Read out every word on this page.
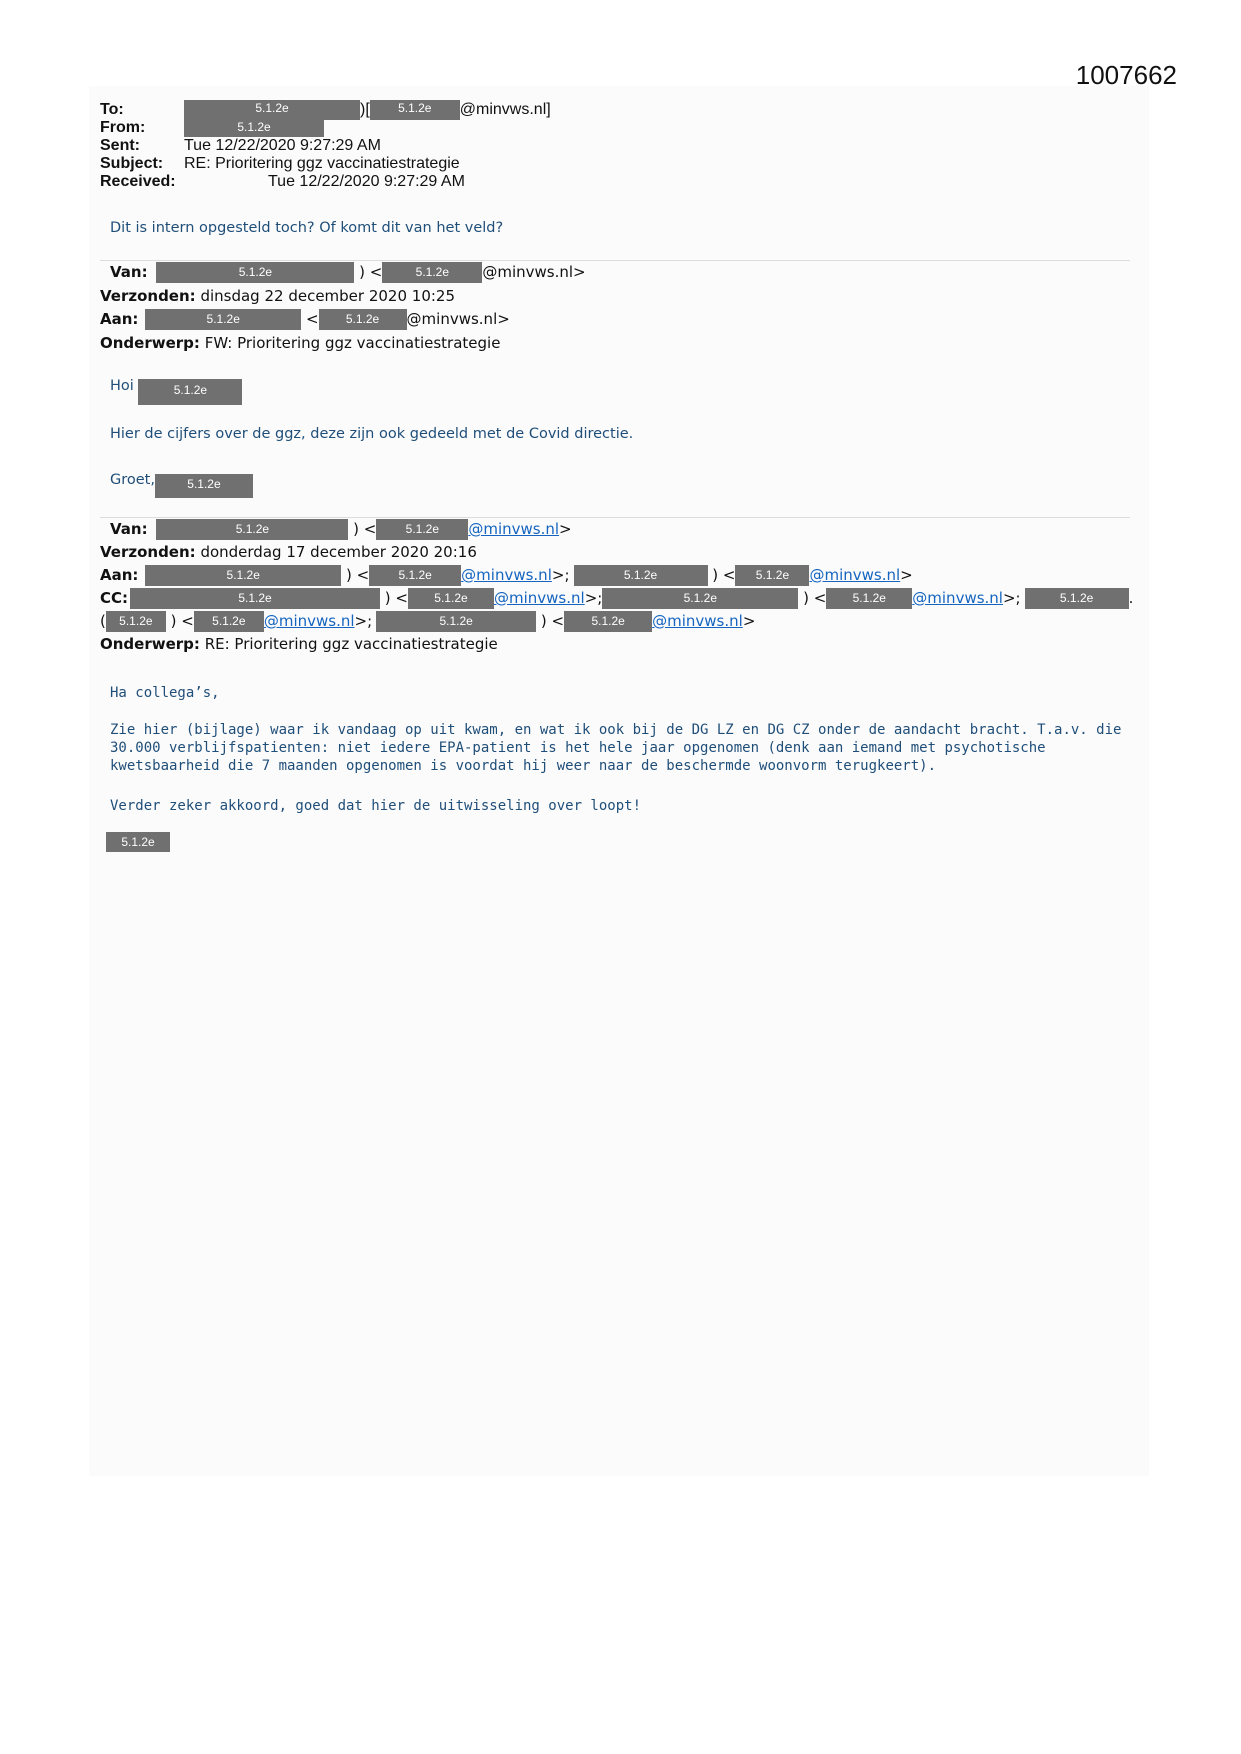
1007662
To:	5.1.2e	)[ 5.1.2e @minvws.nl]
From:	5.1.2e
Sent:	Tue 12/22/2020 9:27:29 AM
Subject: RE: Prioritering ggz vaccinatiestrategie
Received:	Tue 12/22/2020 9:27:29 AM
Dit is intern opgesteld toch? Of komt dit van het veld?
Van:	5.1.2e	) <	5.1.2e @minvws.nl>
Verzonden: dinsdag 22 december 2020 10:25
Aan:	5.1.2e	< 5.1.2e @minvws.nl>
Onderwerp: FW: Prioritering ggz vaccinatiestrategie
Hoi	5.1.2e
Hier de cijfers over de ggz, deze zijn ook gedeeld met de Covid directie.
Groet,	5.1.2e
Van:	5.1.2e	) < 5.1.2e @minvws.nl>
Verzonden: donderdag 17 december 2020 20:16
Aan:	5.1.2e	) < 5.1.2e @minvws.nl>;	5.1.2e	) < 5.1.2e @minvws.nl>
CC:	5.1.2e	) < 5.1.2e @minvws.nl>;	5.1.2e	) < 5.1.2e @minvws.nl>;	5.1.2e .
( 5.1.2e ) < 5.1.2e @minvws.nl>;	5.1.2e	) < 5.1.2e @minvws.nl>
Onderwerp: RE: Prioritering ggz vaccinatiestrategie
Ha collega’s,
Zie hier (bijlage) waar ik vandaag op uit kwam, en wat ik ook bij de DG LZ en DG CZ onder de aandacht bracht. T.a.v. die
30.000 verblijfspatienten: niet iedere EPA-patient is het hele jaar opgenomen (denk aan iemand met psychotische
kwetsbaarheid die 7 maanden opgenomen is voordat hij weer naar de beschermde woonvorm terugkeert).
Verder zeker akkoord, goed dat hier de uitwisseling over loopt!
5.1.2e
